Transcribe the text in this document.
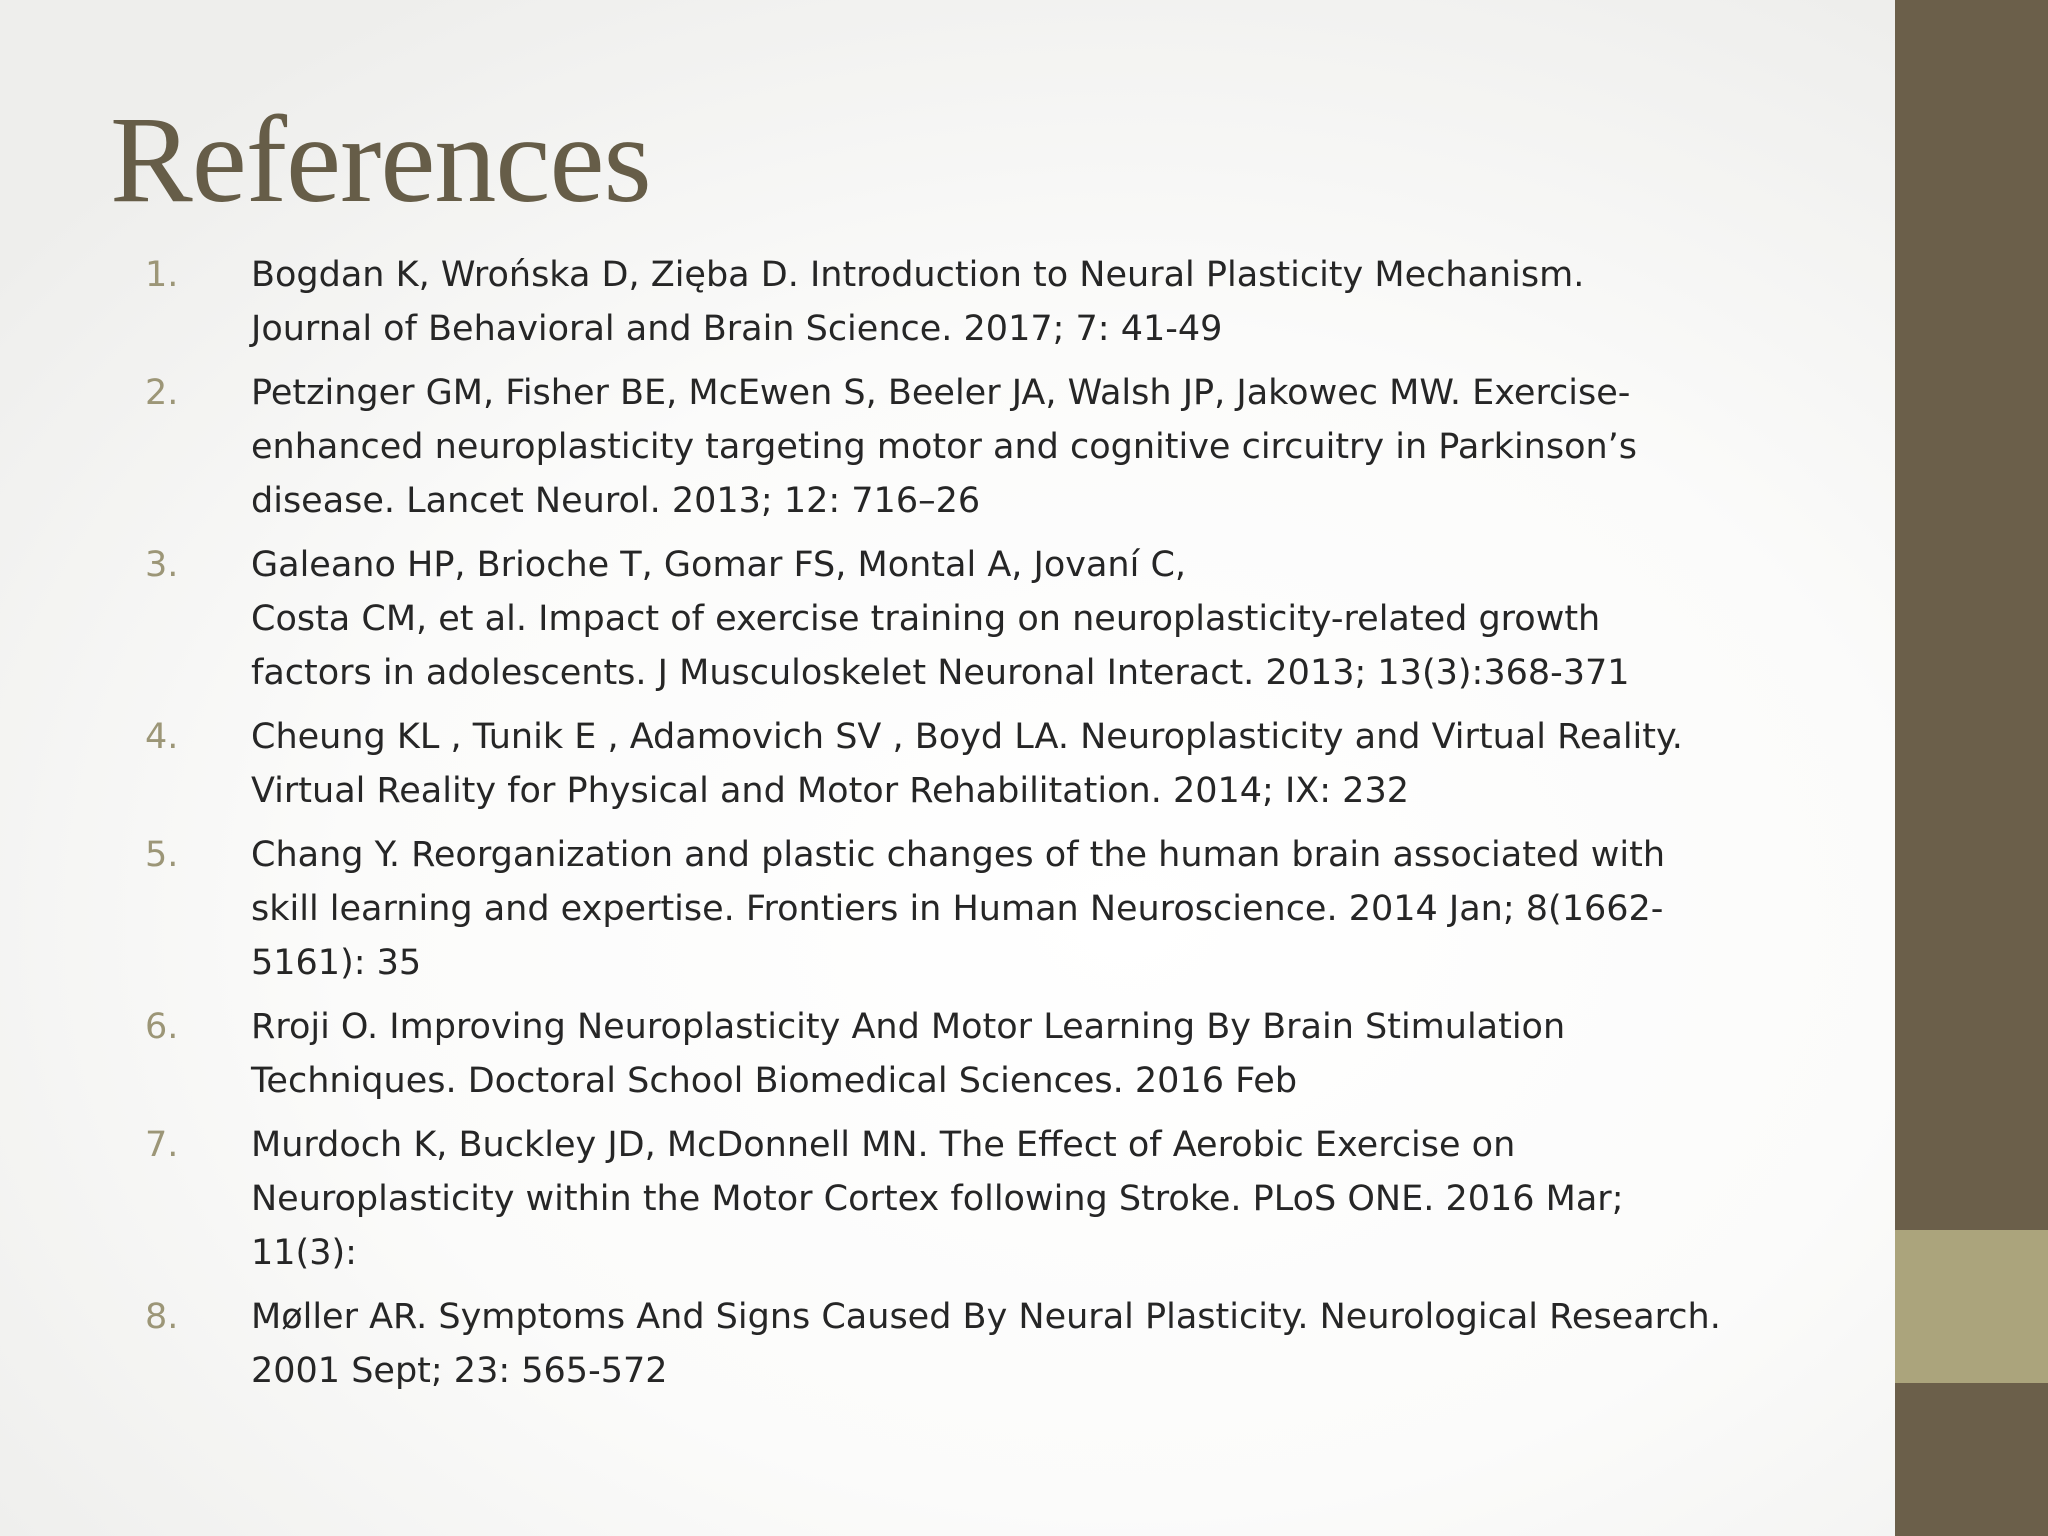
References
1.	Bogdan K, Wrońska D, Zięba D. Introduction to Neural Plasticity Mechanism.
Journal of Behavioral and Brain Science. 2017; 7: 41-49
2.	Petzinger GM, Fisher BE, McEwen S, Beeler JA, Walsh JP, Jakowec MW. Exercise-
enhanced neuroplasticity targeting motor and cognitive circuitry in Parkinson’s
disease. Lancet Neurol. 2013; 12: 716–26
3.	Galeano HP, Brioche T, Gomar FS, Montal A, Jovaní C,
Costa CM, et al. Impact of exercise training on neuroplasticity-related growth
factors in adolescents. J Musculoskelet Neuronal Interact. 2013; 13(3):368-371
4.	Cheung KL , Tunik E , Adamovich SV , Boyd LA. Neuroplasticity and Virtual Reality.
Virtual Reality for Physical and Motor Rehabilitation. 2014; IX: 232
5.	Chang Y. Reorganization and plastic changes of the human brain associated with
skill learning and expertise. Frontiers in Human Neuroscience. 2014 Jan; 8(1662-
5161): 35
6.	Rroji O. Improving Neuroplasticity And Motor Learning By Brain Stimulation
Techniques. Doctoral School Biomedical Sciences. 2016 Feb
7.	Murdoch K, Buckley JD, McDonnell MN. The Effect of Aerobic Exercise on
Neuroplasticity within the Motor Cortex following Stroke. PLoS ONE. 2016 Mar;
11(3):
8.	Møller AR. Symptoms And Signs Caused By Neural Plasticity. Neurological Research.
2001 Sept; 23: 565-572
